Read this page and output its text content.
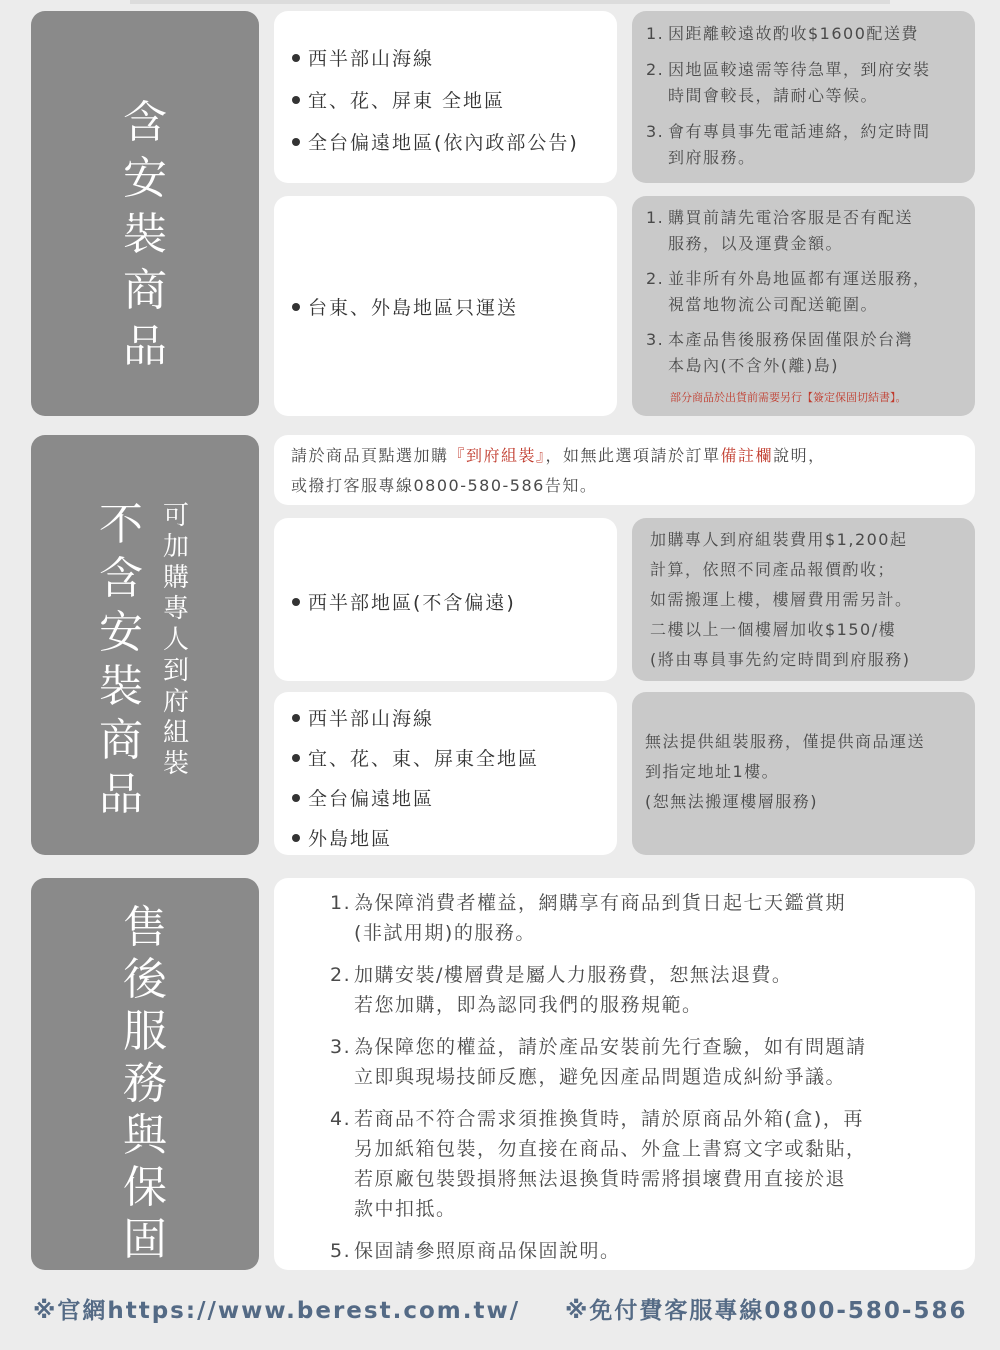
含
安
裝
商
品
西半部山海線
宜、花、屏東 全地區
全台偏遠地區(依內政部公告)
1. 因距離較遠故酌收$1600配送費
2. 因地區較遠需等待急單，到府安裝
時間會較長，請耐心等候。
3. 會有專員事先電話連絡，約定時間
到府服務。
台東、外島地區只運送
1. 購買前請先電洽客服是否有配送
服務，以及運費金額。
2. 並非所有外島地區都有運送服務，
視當地物流公司配送範圍。
3. 本產品售後服務保固僅限於台灣
本島內(不含外(離)島)
部分商品於出貨前需要另行【簽定保固切結書】。
不
含
安
裝
商
品
可
加
購
專
人
到
府
組
裝

請於商品頁點選加購『到府組裝』，如無此選項請於訂單備註欄說明，

或撥打客服專線0800-580-586告知。

西半部地區(不含偏遠)

加購專人到府組裝費用$1,200起

計算，依照不同產品報價酌收；

如需搬運上樓，樓層費用需另計。

二樓以上一個樓層加收$150/樓

(將由專員事先約定時間到府服務)

西半部山海線
宜、花、東、屏東全地區
全台偏遠地區
外島地區

無法提供組裝服務，僅提供商品運送

到指定地址1樓。

(恕無法搬運樓層服務)

售
後
服
務
與
保
固
1. 為保障消費者權益，網購享有商品到貨日起七天鑑賞期
(非試用期)的服務。
2. 加購安裝/樓層費是屬人力服務費，恕無法退費。
若您加購，即為認同我們的服務規範。
3. 為保障您的權益，請於產品安裝前先行查驗，如有問題請
立即與現場技師反應，避免因產品問題造成糾紛爭議。
4. 若商品不符合需求須推換貨時，請於原商品外箱(盒)，再
另加紙箱包裝，勿直接在商品、外盒上書寫文字或黏貼，
若原廠包裝毀損將無法退換貨時需將損壞費用直接於退
款中扣抵。
5. 保固請參照原商品保固說明。
※官網https://www.berest.com.tw/ ※免付費客服專線0800-580-586
